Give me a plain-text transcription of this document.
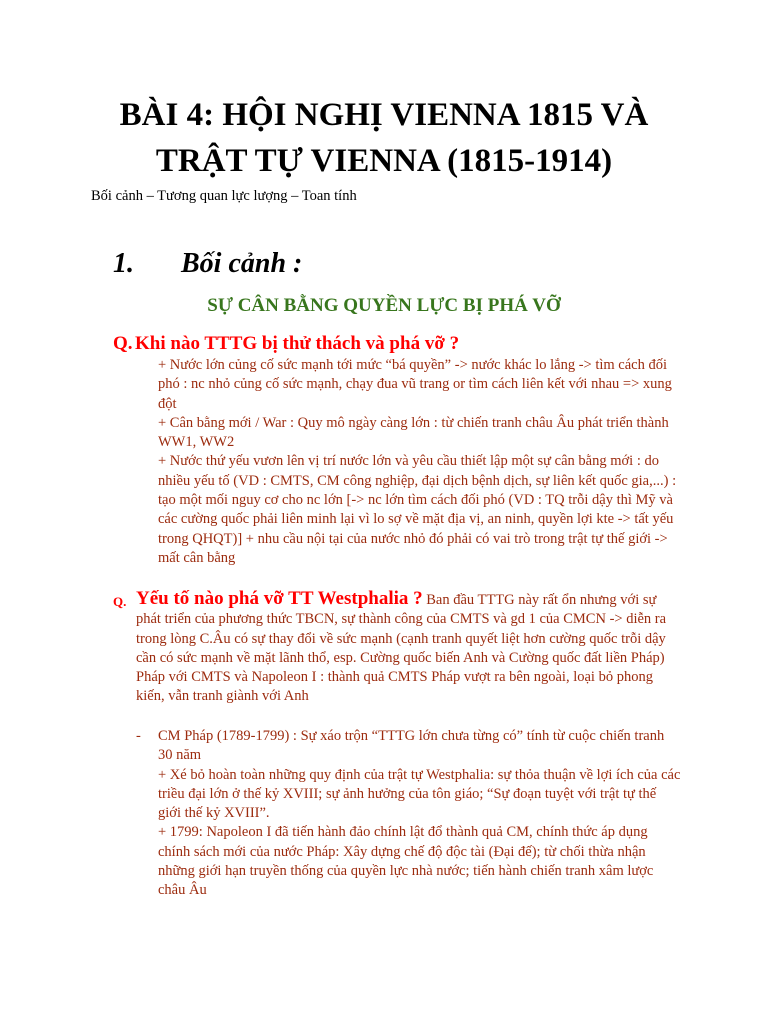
BÀI 4: HỘI NGHỊ VIENNA 1815 VÀ
TRẬT TỰ VIENNA (1815-1914)
Bối cảnh – Tương quan lực lượng – Toan tính
1. Bối cảnh :
SỰ CÂN BẰNG QUYỀN LỰC BỊ PHÁ VỠ
Q. Khi nào TTTG bị thử thách và phá vỡ ?

+ Nước lớn củng cố sức mạnh tới mức “bá quyền” -> nước khác lo lắng -> tìm cách đối phó : nc nhỏ củng cố sức mạnh, chạy đua vũ trang or tìm cách liên kết với nhau => xung đột

+ Cân bằng mới / War : Quy mô ngày càng lớn : từ chiến tranh châu Âu phát triển thành WW1, WW2

+ Nước thứ yếu vươn lên vị trí nước lớn và yêu cầu thiết lập một sự cân bằng mới : do nhiều yếu tố (VD : CMTS, CM công nghiệp, đại dịch bệnh dịch, sự liên kết quốc gia,...) : tạo một mối nguy cơ cho nc lớn [-> nc lớn tìm cách đối phó (VD : TQ trỗi dậy thì Mỹ và các cường quốc phải liên minh lại vì lo sợ về mặt địa vị, an ninh, quyền lợi kte -> tất yếu trong QHQT)] + nhu cầu nội tại của nước nhỏ đó phải có vai trò trong trật tự thế giới -> mất cân bằng

Q. Yếu tố nào phá vỡ TT Westphalia ? Ban đầu TTTG này rất ổn nhưng với sự phát triển của phương thức TBCN, sự thành công của CMTS và gd 1 của CMCN -> diễn ra trong lòng C.Âu có sự thay đổi về sức mạnh (cạnh tranh quyết liệt hơn cường quốc trỗi dậy cần có sức mạnh về mặt lãnh thổ, esp. Cường quốc biến Anh và Cường quốc đất liền Pháp)

Pháp với CMTS và Napoleon I : thành quả CMTS Pháp vượt ra bên ngoài, loại bỏ phong kiến, vẫn tranh giành với Anh

- CM Pháp (1789-1799) : Sự xáo trộn “TTTG lớn chưa từng có” tính từ cuộc chiến tranh 30 năm

+ Xé bỏ hoàn toàn những quy định của trật tự Westphalia: sự thỏa thuận về lợi ích của các triều đại lớn ở thế kỷ XVIII; sự ảnh hưởng của tôn giáo; “Sự đoạn tuyệt với trật tự thế giới thế kỷ XVIII”.

+ 1799: Napoleon I đã tiến hành đảo chính lật đổ thành quả CM, chính thức áp dụng chính sách mới của nước Pháp: Xây dựng chế độ độc tài (Đại đế); từ chối thừa nhận những giới hạn truyền thống của quyền lực nhà nước; tiến hành chiến tranh xâm lược châu Âu
